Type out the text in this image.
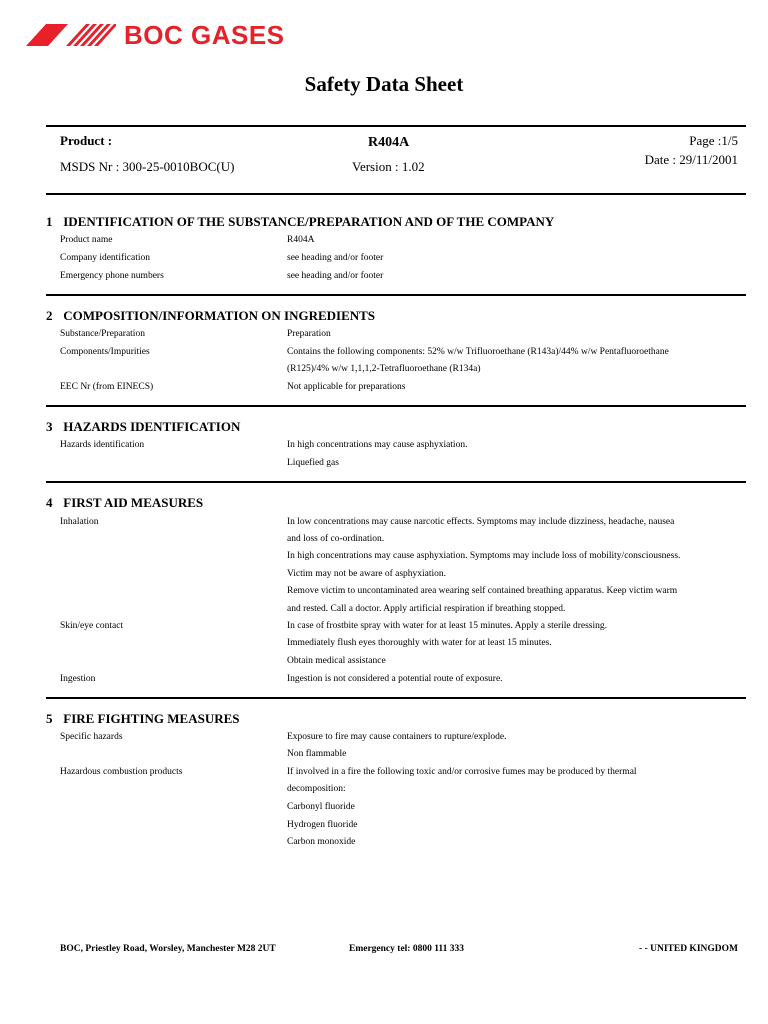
BOC GASES
Safety Data Sheet
Product :	R404A	Page :1/5
MSDS Nr : 300-25-0010BOC(U)	Version : 1.02	Date : 29/11/2001
1 IDENTIFICATION OF THE SUBSTANCE/PREPARATION AND OF THE COMPANY
Product name	R404A
Company identification	see heading and/or footer
Emergency phone numbers	see heading and/or footer
2 COMPOSITION/INFORMATION ON INGREDIENTS
Substance/Preparation	Preparation
Components/Impurities	Contains the following components: 52% w/w Trifluoroethane (R143a)/44% w/w Pentafluoroethane
(R125)/4% w/w 1,1,1,2-Tetrafluoroethane (R134a)
EEC Nr (from EINECS)	Not applicable for preparations
3 HAZARDS IDENTIFICATION
Hazards identification	In high concentrations may cause asphyxiation.
Liquefied gas
4 FIRST AID MEASURES
Inhalation	In low concentrations may cause narcotic effects. Symptoms may include dizziness, headache, nausea
and loss of co-ordination.
In high concentrations may cause asphyxiation. Symptoms may include loss of mobility/consciousness.
Victim may not be aware of asphyxiation.
Remove victim to uncontaminated area wearing self contained breathing apparatus. Keep victim warm
and rested. Call a doctor. Apply artificial respiration if breathing stopped.
Skin/eye contact	In case of frostbite spray with water for at least 15 minutes. Apply a sterile dressing.
Immediately flush eyes thoroughly with water for at least 15 minutes.
Obtain medical assistance
Ingestion	Ingestion is not considered a potential route of exposure.
5 FIRE FIGHTING MEASURES
Specific hazards	Exposure to fire may cause containers to rupture/explode.
Non flammable
Hazardous combustion products	If involved in a fire the following toxic and/or corrosive fumes may be produced by thermal
decomposition:
Carbonyl fluoride
Hydrogen fluoride
Carbon monoxide
BOC, Priestley Road, Worsley, Manchester M28 2UT	Emergency tel: 0800 111 333	- - UNITED KINGDOM
